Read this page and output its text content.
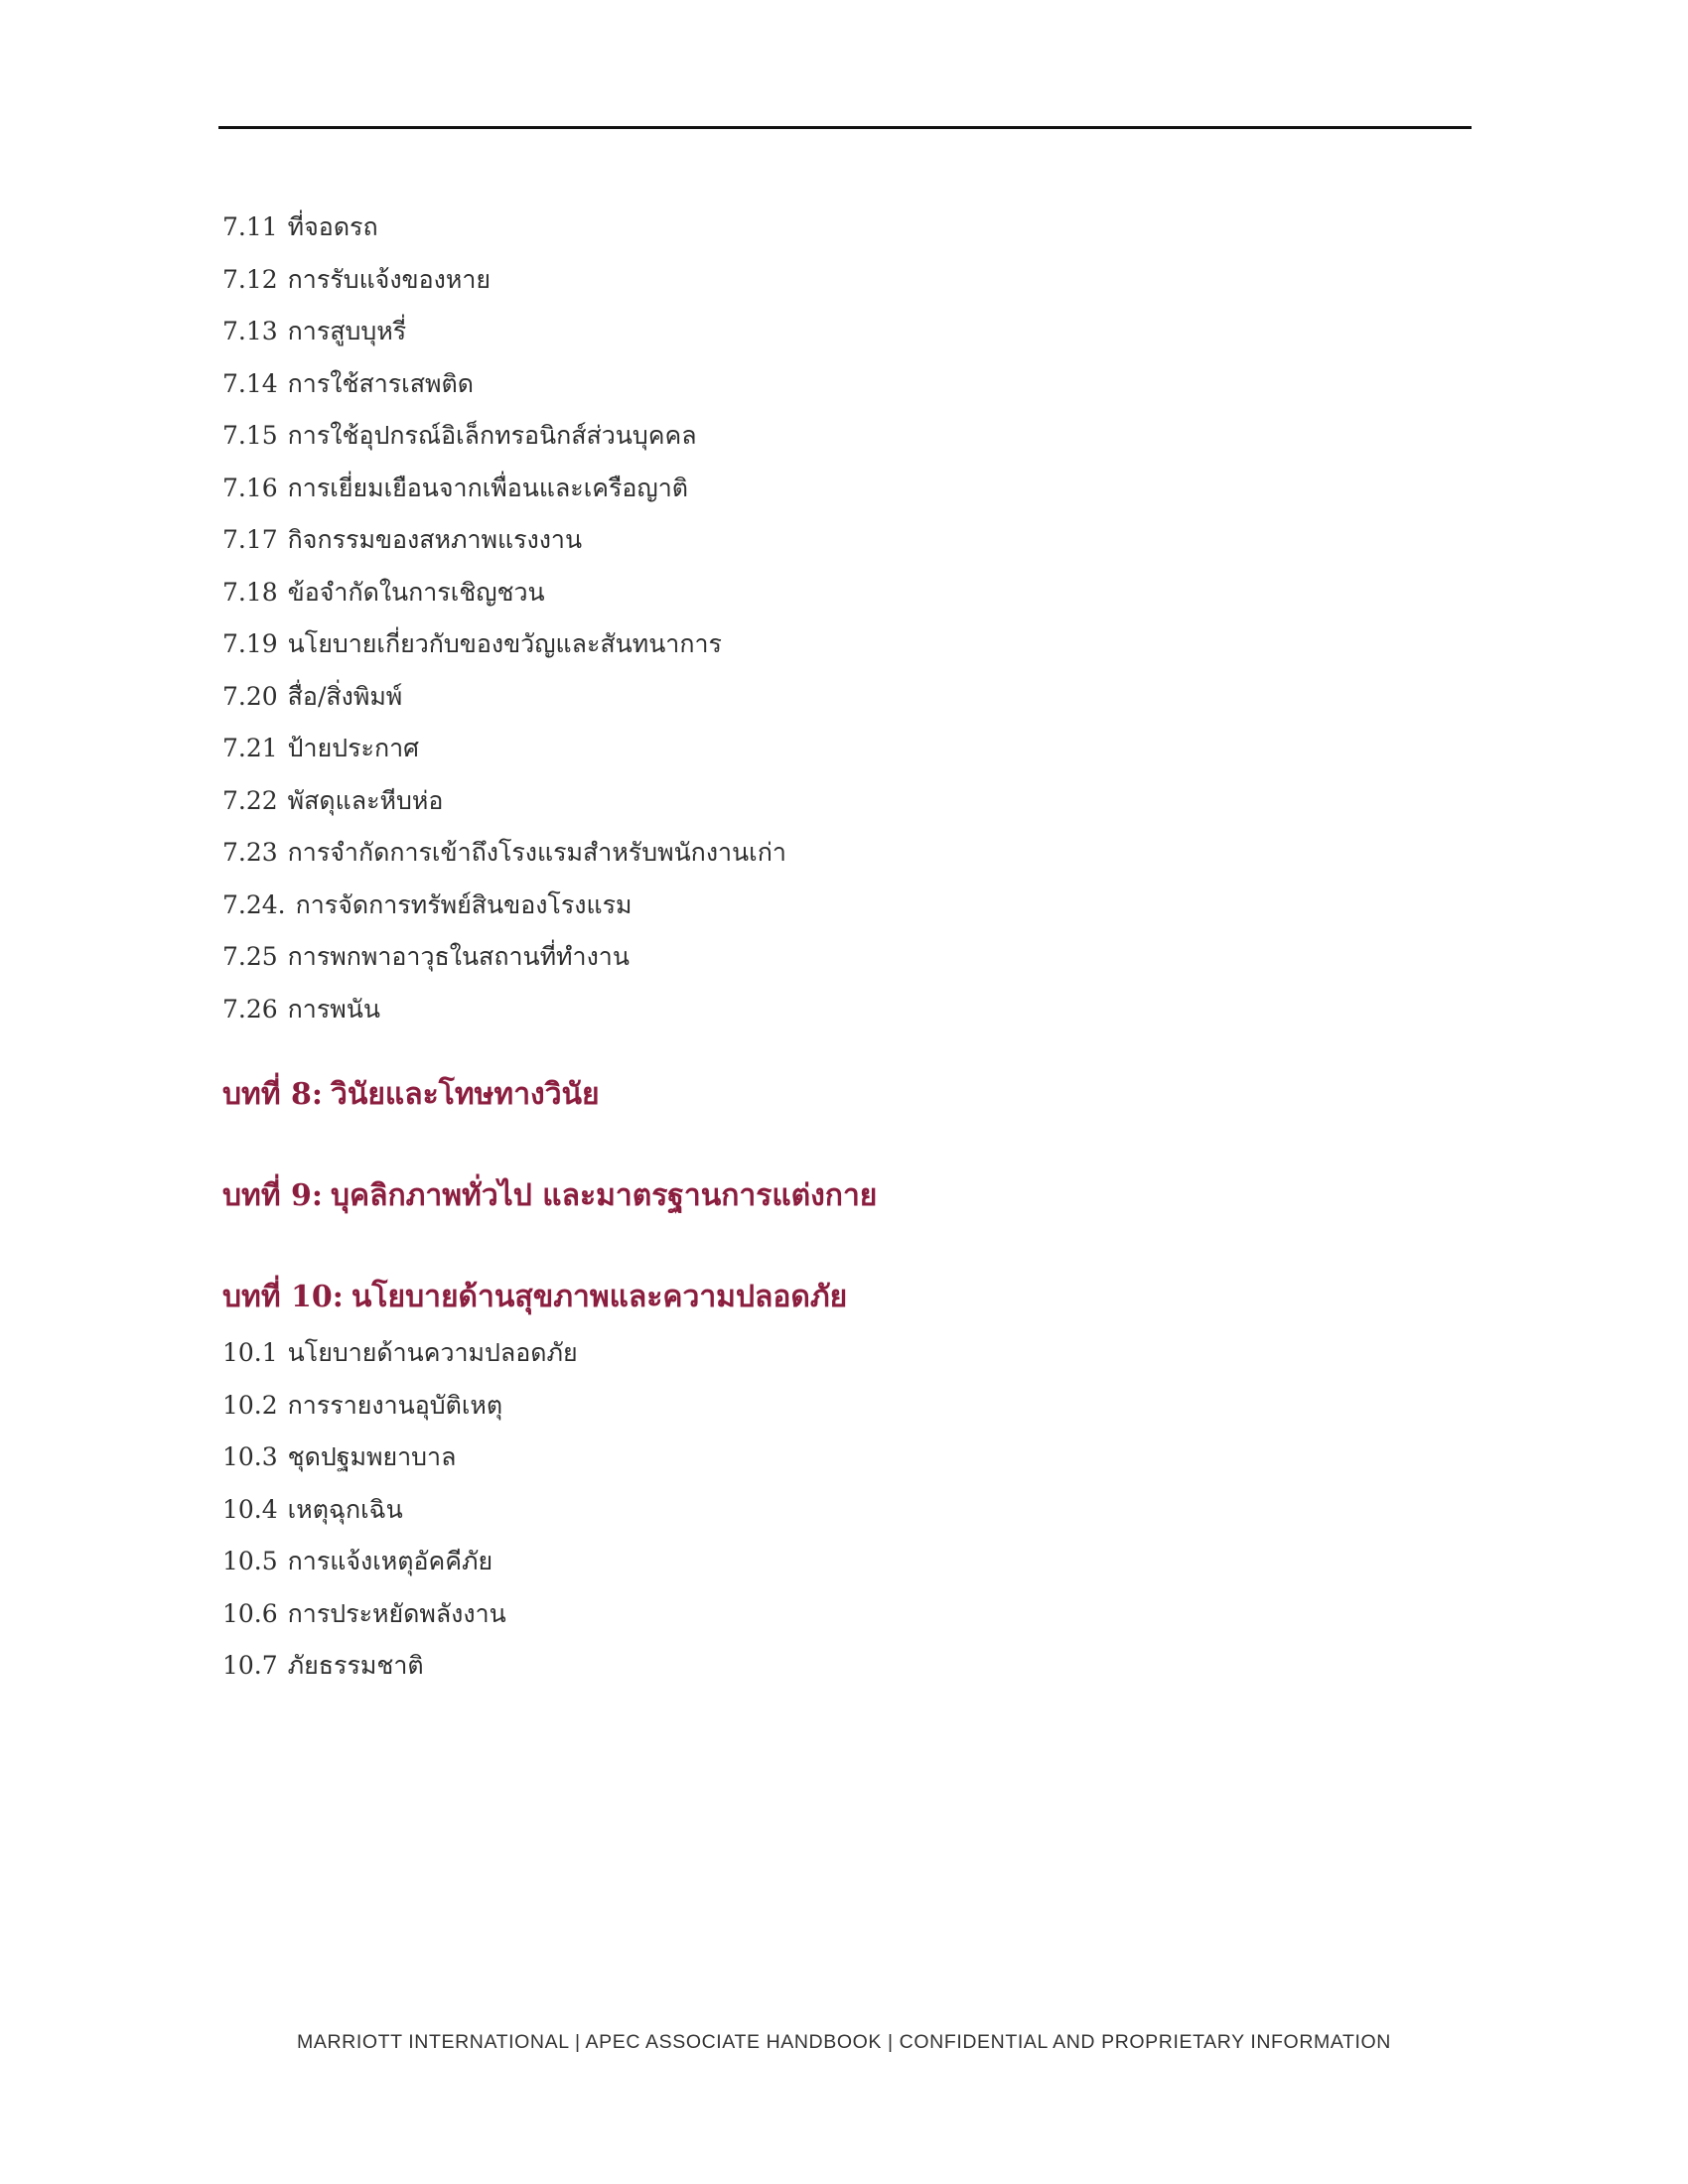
7.11 ที่จอดรถ
7.12 การรับแจ้งของหาย
7.13 การสูบบุหรี่
7.14 การใช้สารเสพติด
7.15 การใช้อุปกรณ์อิเล็กทรอนิกส์ส่วนบุคคล
7.16 การเยี่ยมเยือนจากเพื่อนและเครือญาติ
7.17 กิจกรรมของสหภาพแรงงาน
7.18 ข้อจำกัดในการเชิญชวน
7.19 นโยบายเกี่ยวกับของขวัญและสันทนาการ
7.20 สื่อ/สิ่งพิมพ์
7.21 ป้ายประกาศ
7.22 พัสดุและหีบห่อ
7.23 การจำกัดการเข้าถึงโรงแรมสำหรับพนักงานเก่า
7.24. การจัดการทรัพย์สินของโรงแรม
7.25 การพกพาอาวุธในสถานที่ทำงาน
7.26 การพนัน
บทที่ 8: วินัยและโทษทางวินัย
บทที่ 9: บุคลิกภาพทั่วไป และมาตรฐานการแต่งกาย
บทที่ 10: นโยบายด้านสุขภาพและความปลอดภัย
10.1 นโยบายด้านความปลอดภัย
10.2 การรายงานอุบัติเหตุ
10.3 ชุดปฐมพยาบาล
10.4 เหตุฉุกเฉิน
10.5 การแจ้งเหตุอัคคีภัย
10.6 การประหยัดพลังงาน
10.7 ภัยธรรมชาติ
MARRIOTT INTERNATIONAL | APEC ASSOCIATE HANDBOOK | CONFIDENTIAL AND PROPRIETARY INFORMATION
